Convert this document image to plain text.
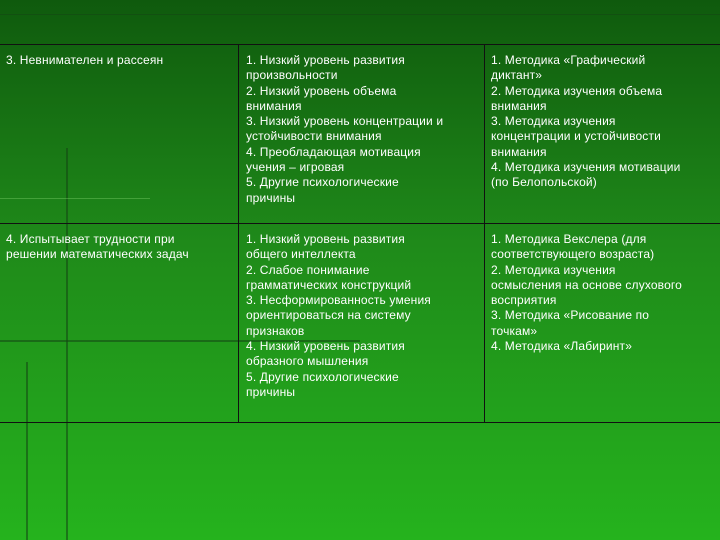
3. Невнимателен и рассеян	1. Низкий уровень развития
произвольности
2. Низкий уровень объема
внимания
3. Низкий уровень концентрации и
устойчивости внимания
4. Преобладающая мотивация
учения – игровая
5. Другие психологические
причины
1. Методика «Графический
диктант»
2. Методика изучения объема
внимания
3. Методика изучения
концентрации и устойчивости
внимания
4. Методика изучения мотивации
(по Белопольской)
4. Испытывает трудности при
решении математических задач
1. Низкий уровень развития
общего интеллекта
2. Слабое понимание
грамматических конструкций
3. Несформированность умения
ориентироваться на систему
признаков
4. Низкий уровень развития
образного мышления
5. Другие психологические
причины
1. Методика Векслера (для
соответствующего возраста)
2. Методика изучения
осмысления на основе слухового
восприятия
3. Методика «Рисование по
точкам»
4. Методика «Лабиринт»
